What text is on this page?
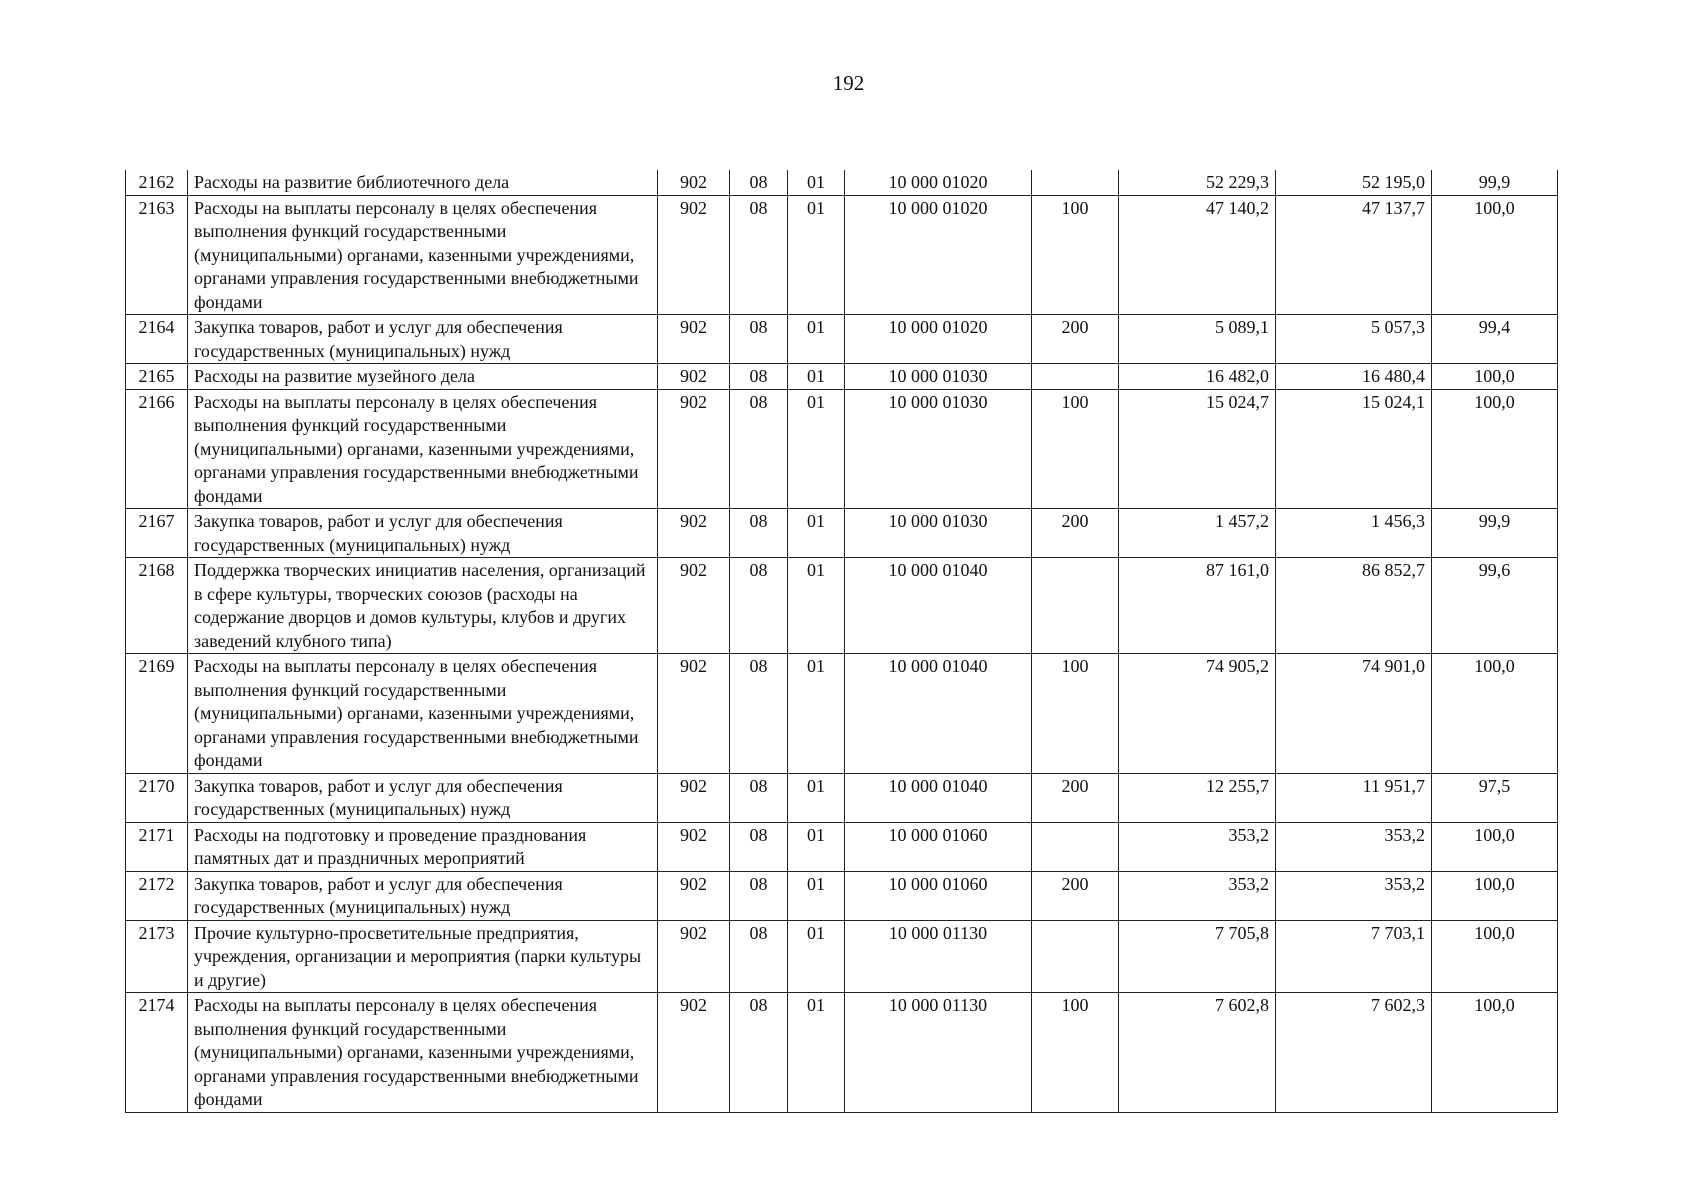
192
2162	Расходы на развитие библиотечного дела	902	08	01	10 000 01020		52 229,3	52 195,0	99,9
2163	Расходы на выплаты персоналу в целях обеспечения выполнения функций государственными (муниципальными) органами, казенными учреждениями, органами управления государственными внебюджетными фондами	902	08	01	10 000 01020	100	47 140,2	47 137,7	100,0
2164	Закупка товаров, работ и услуг для обеспечения государственных (муниципальных) нужд	902	08	01	10 000 01020	200	5 089,1	5 057,3	99,4
2165	Расходы на развитие музейного дела	902	08	01	10 000 01030		16 482,0	16 480,4	100,0
2166	Расходы на выплаты персоналу в целях обеспечения выполнения функций государственными (муниципальными) органами, казенными учреждениями, органами управления государственными внебюджетными фондами	902	08	01	10 000 01030	100	15 024,7	15 024,1	100,0
2167	Закупка товаров, работ и услуг для обеспечения государственных (муниципальных) нужд	902	08	01	10 000 01030	200	1 457,2	1 456,3	99,9
2168	Поддержка творческих инициатив населения, организаций в сфере культуры, творческих союзов (расходы на содержание дворцов и домов культуры, клубов и других заведений клубного типа)	902	08	01	10 000 01040		87 161,0	86 852,7	99,6
2169	Расходы на выплаты персоналу в целях обеспечения выполнения функций государственными (муниципальными) органами, казенными учреждениями, органами управления государственными внебюджетными фондами	902	08	01	10 000 01040	100	74 905,2	74 901,0	100,0
2170	Закупка товаров, работ и услуг для обеспечения государственных (муниципальных) нужд	902	08	01	10 000 01040	200	12 255,7	11 951,7	97,5
2171	Расходы на подготовку и проведение празднования памятных дат и праздничных мероприятий	902	08	01	10 000 01060		353,2	353,2	100,0
2172	Закупка товаров, работ и услуг для обеспечения государственных (муниципальных) нужд	902	08	01	10 000 01060	200	353,2	353,2	100,0
2173	Прочие культурно-просветительные предприятия, учреждения, организации и мероприятия (парки культуры и другие)	902	08	01	10 000 01130		7 705,8	7 703,1	100,0
2174	Расходы на выплаты персоналу в целях обеспечения выполнения функций государственными (муниципальными) органами, казенными учреждениями, органами управления государственными внебюджетными фондами	902	08	01	10 000 01130	100	7 602,8	7 602,3	100,0
